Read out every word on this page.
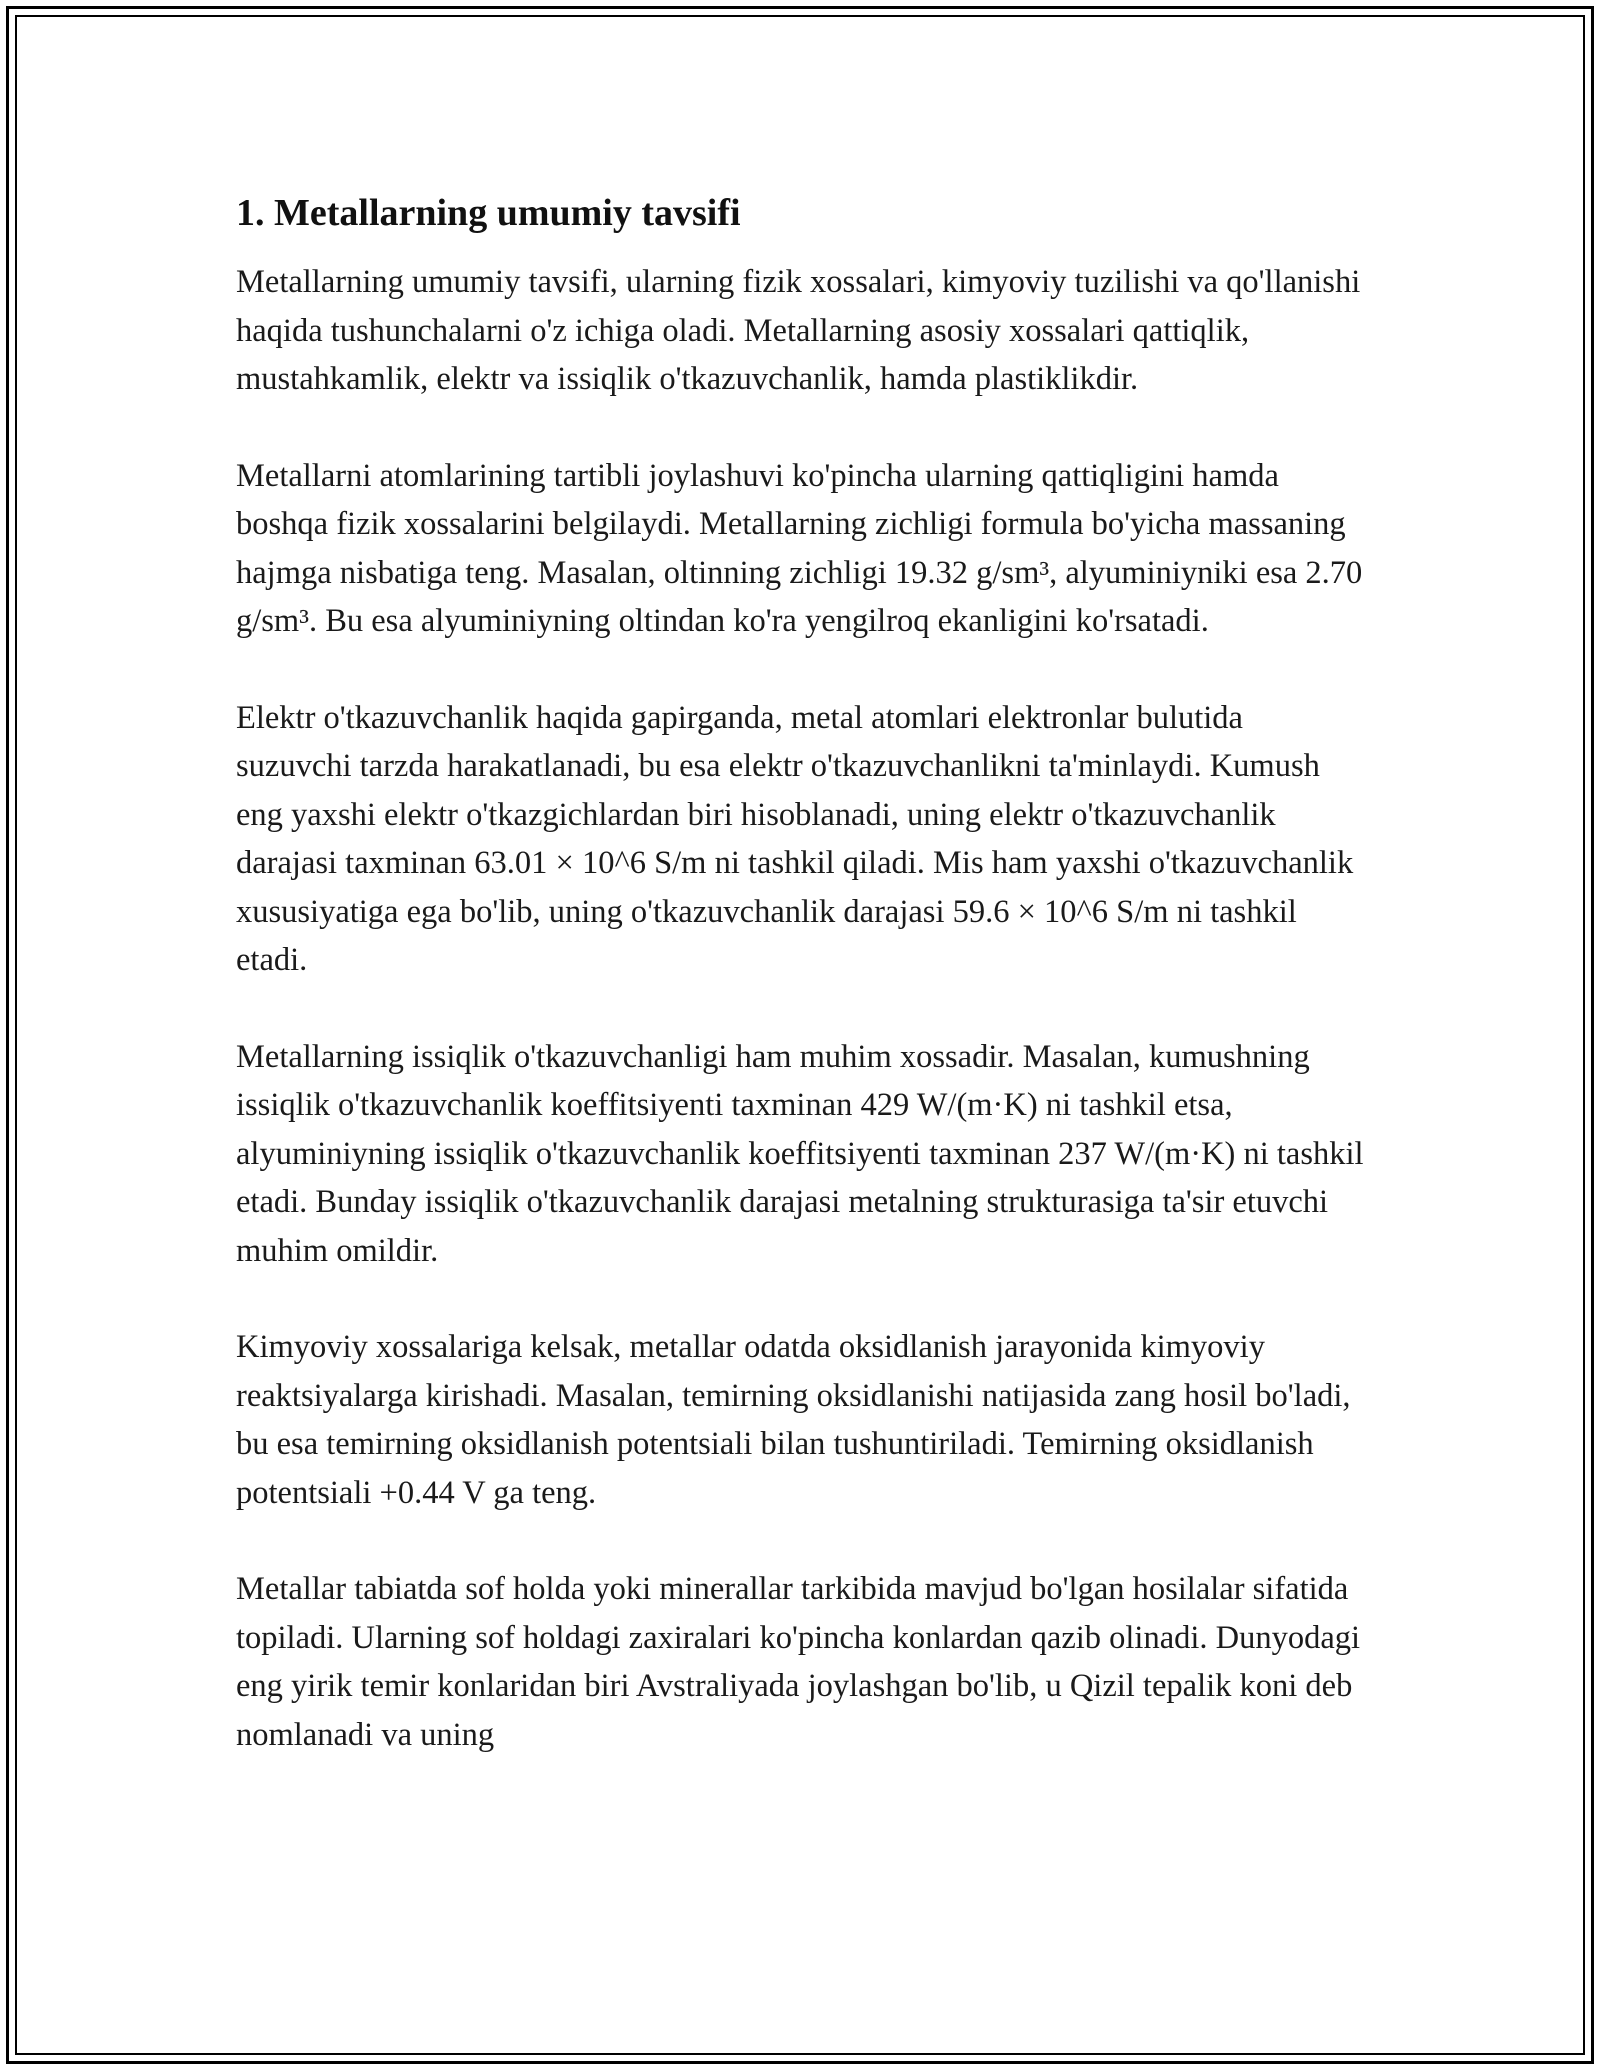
1. Metallarning umumiy tavsifi

Metallarning umumiy tavsifi, ularning fizik xossalari, kimyoviy tuzilishi va qo'llanishi haqida tushunchalarni o'z ichiga oladi. Metallarning asosiy xossalari qattiqlik, mustahkamlik, elektr va issiqlik o'tkazuvchanlik, hamda plastiklikdir.

Metallarni atomlarining tartibli joylashuvi ko'pincha ularning qattiqligini hamda boshqa fizik xossalarini belgilaydi. Metallarning zichligi formula bo'yicha massaning hajmga nisbatiga teng. Masalan, oltinning zichligi 19.32 g/sm³, alyuminiyniki esa 2.70 g/sm³. Bu esa alyuminiyning oltindan ko'ra yengilroq ekanligini ko'rsatadi.

Elektr o'tkazuvchanlik haqida gapirganda, metal atomlari elektronlar bulutida suzuvchi tarzda harakatlanadi, bu esa elektr o'tkazuvchanlikni ta'minlaydi. Kumush eng yaxshi elektr o'tkazgichlardan biri hisoblanadi, uning elektr o'tkazuvchanlik darajasi taxminan 63.01 × 10^6 S/m ni tashkil qiladi. Mis ham yaxshi o'tkazuvchanlik xususiyatiga ega bo'lib, uning o'tkazuvchanlik darajasi 59.6 × 10^6 S/m ni tashkil etadi.

Metallarning issiqlik o'tkazuvchanligi ham muhim xossadir. Masalan, kumushning issiqlik o'tkazuvchanlik koeffitsiyenti taxminan 429 W/(m·K) ni tashkil etsa, alyuminiyning issiqlik o'tkazuvchanlik koeffitsiyenti taxminan 237 W/(m·K) ni tashkil etadi. Bunday issiqlik o'tkazuvchanlik darajasi metalning strukturasiga ta'sir etuvchi muhim omildir.

Kimyoviy xossalariga kelsak, metallar odatda oksidlanish jarayonida kimyoviy reaktsiyalarga kirishadi. Masalan, temirning oksidlanishi natijasida zang hosil bo'ladi, bu esa temirning oksidlanish potentsiali bilan tushuntiriladi. Temirning oksidlanish potentsiali +0.44 V ga teng.

Metallar tabiatda sof holda yoki minerallar tarkibida mavjud bo'lgan hosilalar sifatida topiladi. Ularning sof holdagi zaxiralari ko'pincha konlardan qazib olinadi. Dunyodagi eng yirik temir konlaridan biri Avstraliyada joylashgan bo'lib, u Qizil tepalik koni deb nomlanadi va uning
